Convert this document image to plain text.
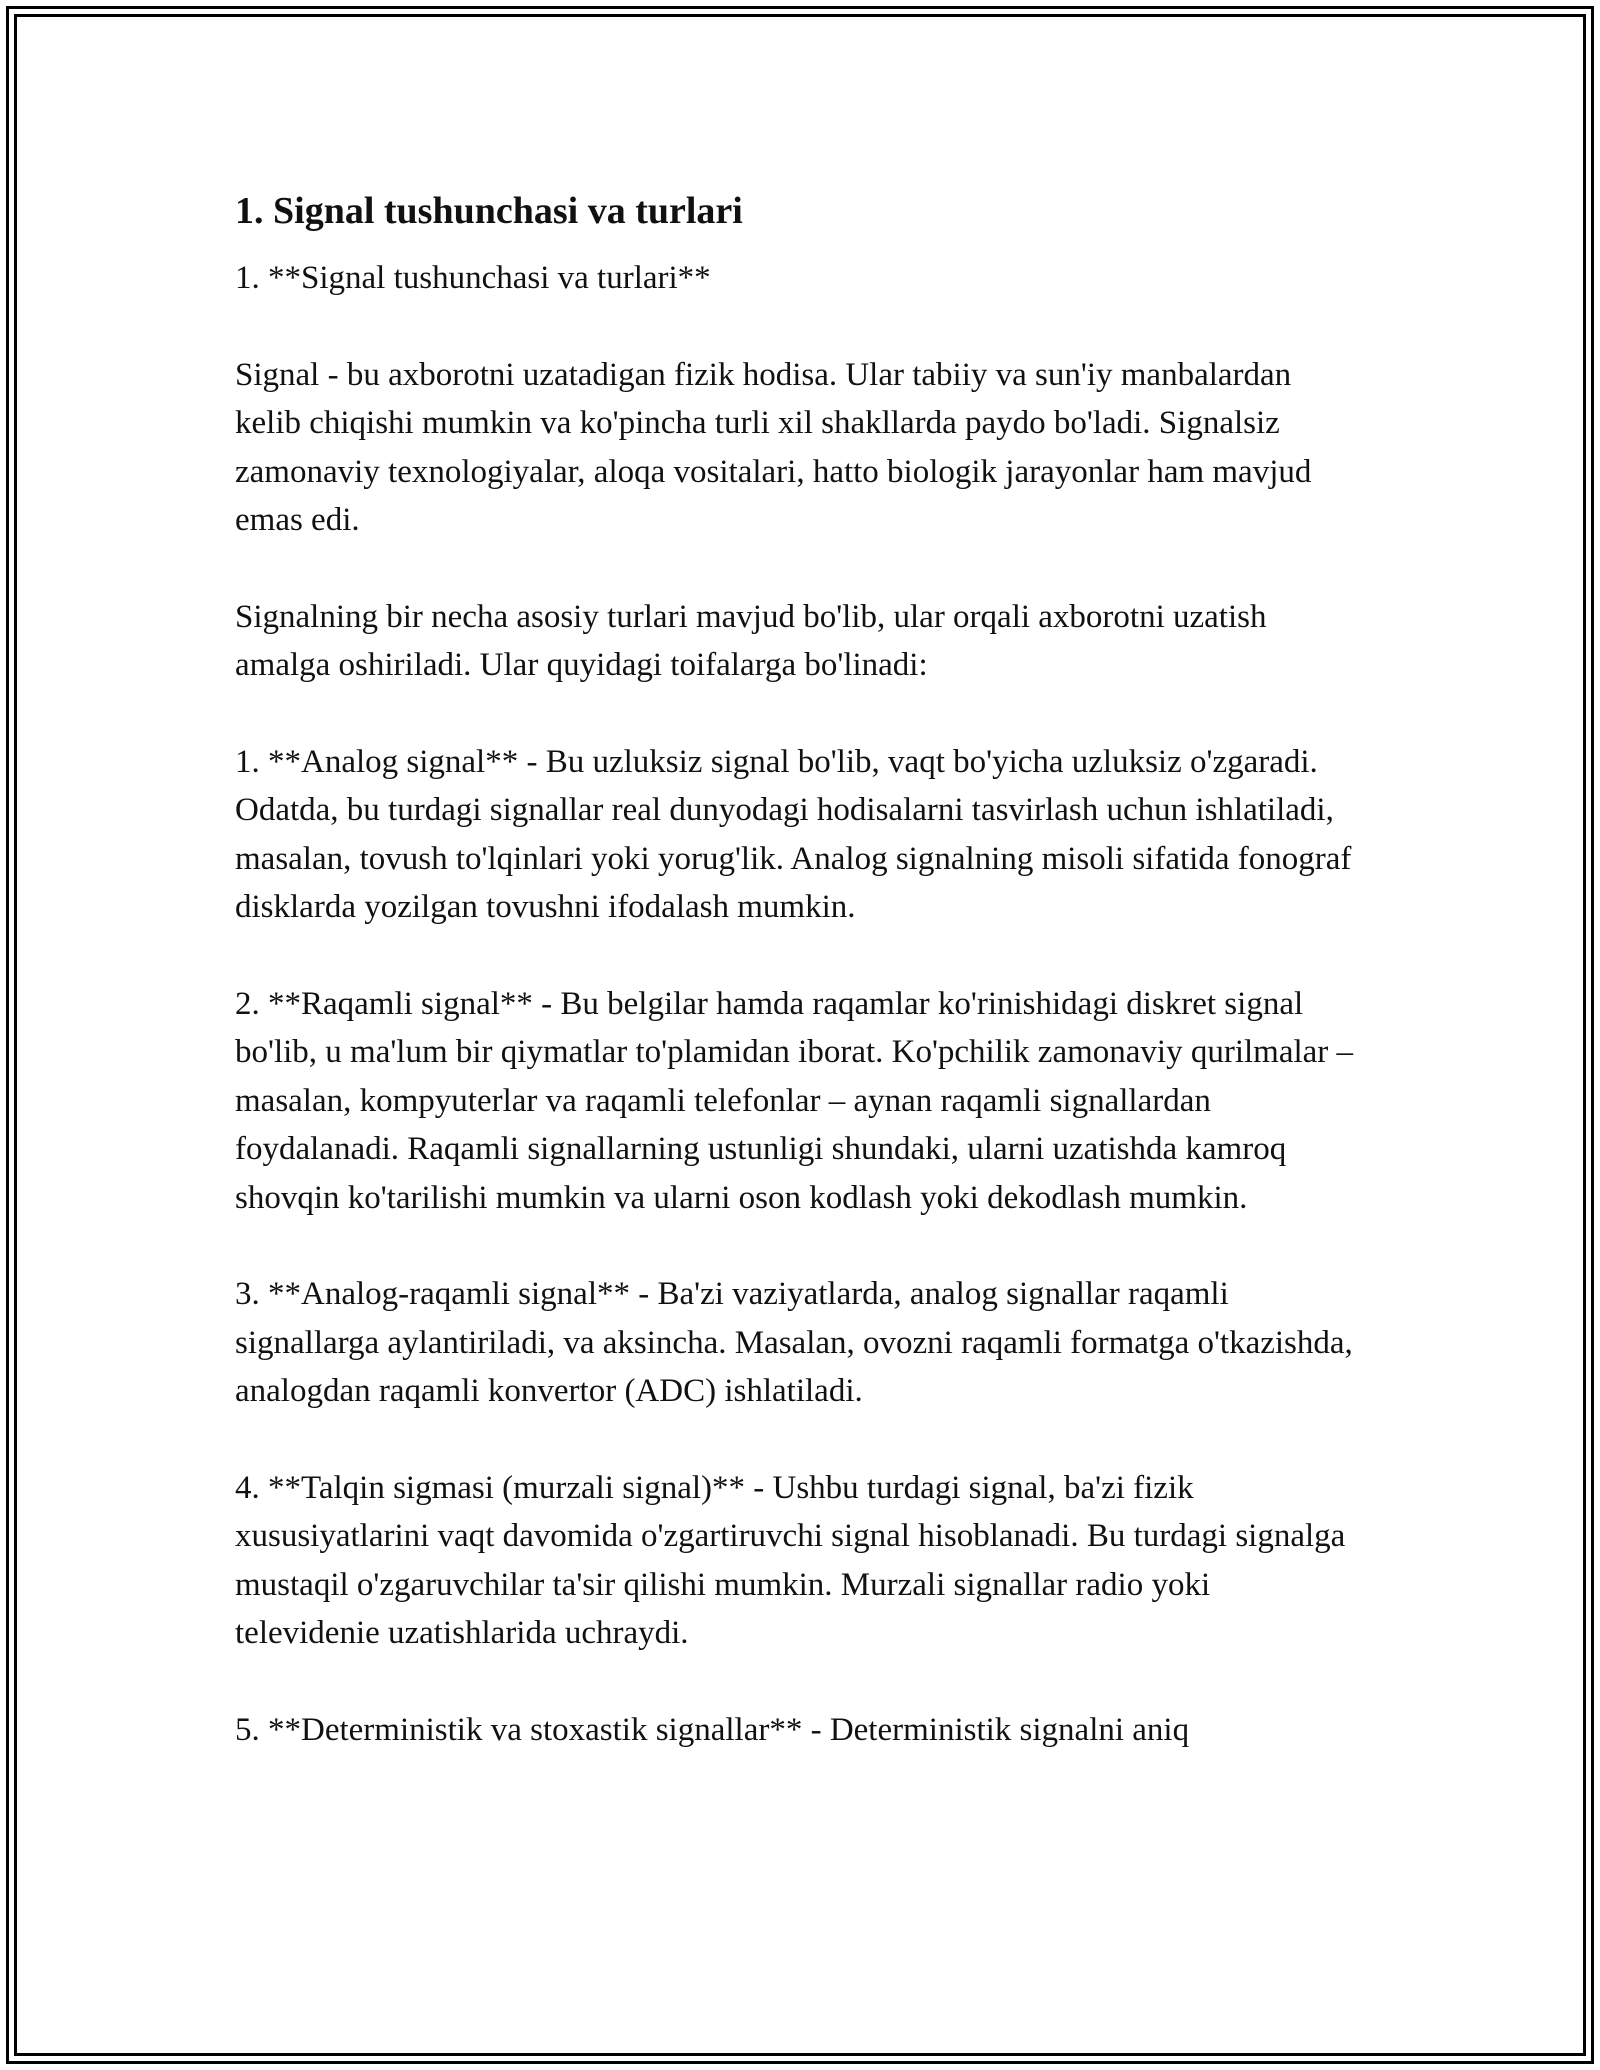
1. Signal tushunchasi va turlari

1. **Signal tushunchasi va turlari**

Signal - bu axborotni uzatadigan fizik hodisa. Ular tabiiy va sun'iy manbalardan kelib chiqishi mumkin va ko'pincha turli xil shakllarda paydo bo'ladi. Signalsiz zamonaviy texnologiyalar, aloqa vositalari, hatto biologik jarayonlar ham mavjud emas edi.

Signalning bir necha asosiy turlari mavjud bo'lib, ular orqali axborotni uzatish amalga oshiriladi. Ular quyidagi toifalarga bo'linadi:

1. **Analog signal** - Bu uzluksiz signal bo'lib, vaqt bo'yicha uzluksiz o'zgaradi. Odatda, bu turdagi signallar real dunyodagi hodisalarni tasvirlash uchun ishlatiladi, masalan, tovush to'lqinlari yoki yorug'lik. Analog signalning misoli sifatida fonograf disklarda yozilgan tovushni ifodalash mumkin.

2. **Raqamli signal** - Bu belgilar hamda raqamlar ko'rinishidagi diskret signal bo'lib, u ma'lum bir qiymatlar to'plamidan iborat. Ko'pchilik zamonaviy qurilmalar – masalan, kompyuterlar va raqamli telefonlar – aynan raqamli signallardan foydalanadi. Raqamli signallarning ustunligi shundaki, ularni uzatishda kamroq shovqin ko'tarilishi mumkin va ularni oson kodlash yoki dekodlash mumkin.

3. **Analog-raqamli signal** - Ba'zi vaziyatlarda, analog signallar raqamli signallarga aylantiriladi, va aksincha. Masalan, ovozni raqamli formatga o'tkazishda, analogdan raqamli konvertor (ADC) ishlatiladi.

4. **Talqin sigmasi (murzali signal)** - Ushbu turdagi signal, ba'zi fizik xususiyatlarini vaqt davomida o'zgartiruvchi signal hisoblanadi. Bu turdagi signalga mustaqil o'zgaruvchilar ta'sir qilishi mumkin. Murzali signallar radio yoki televidenie uzatishlarida uchraydi.

5. **Deterministik va stoxastik signallar** - Deterministik signalni aniq
